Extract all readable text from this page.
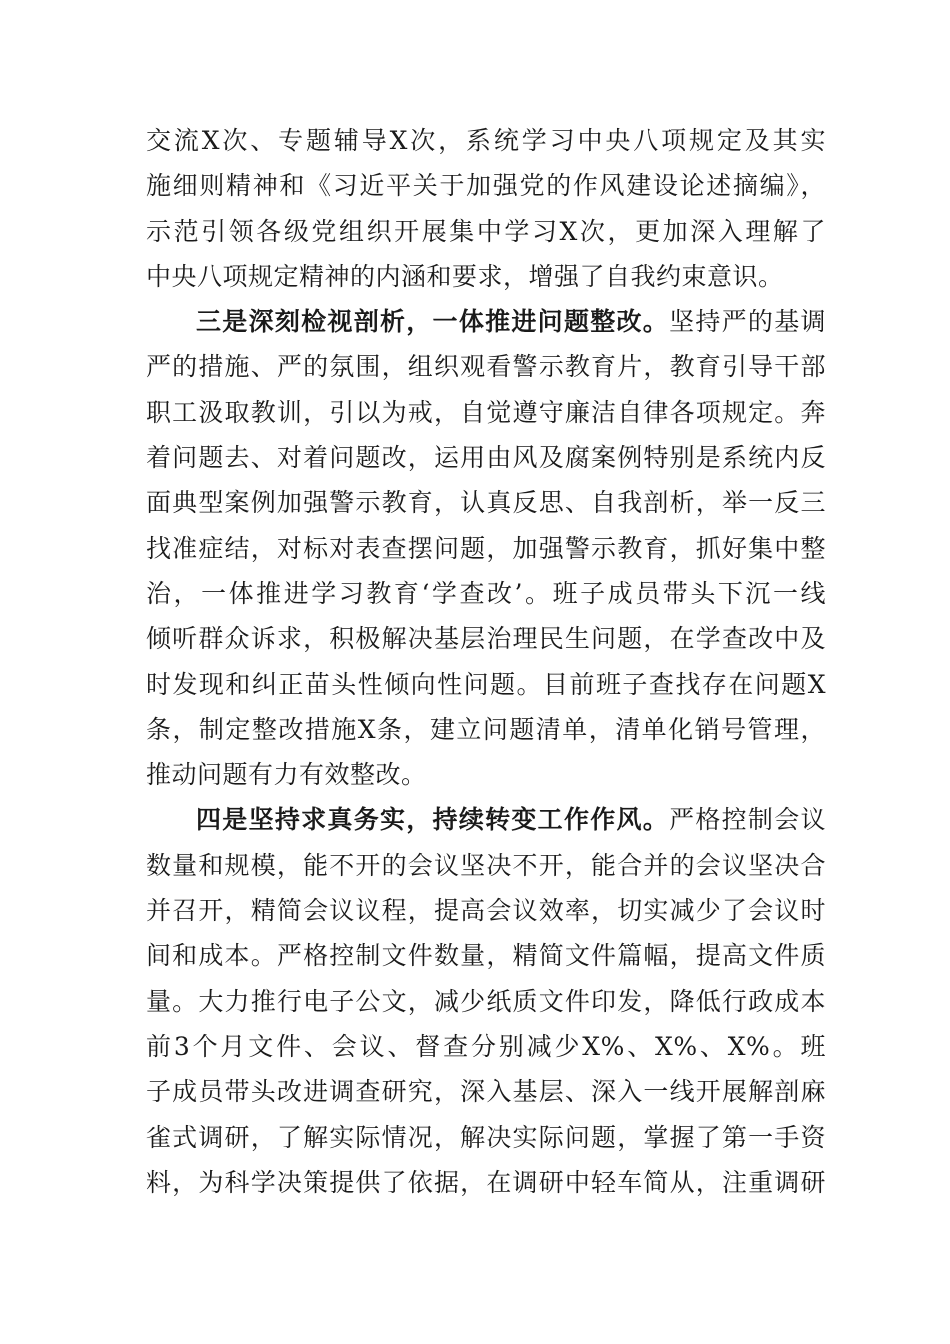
交流X次、专题辅导X次，系统学习中央八项规定及其实
施细则精神和《习近平关于加强党的作风建设论述摘编》，
示范引领各级党组织开展集中学习X次，更加深入理解了
中央八项规定精神的内涵和要求，增强了自我约束意识。
三是深刻检视剖析，一体推进问题整改。坚持严的基调
严的措施、严的氛围，组织观看警示教育片，教育引导干部
职工汲取教训，引以为戒，自觉遵守廉洁自律各项规定。奔
着问题去、对着问题改，运用由风及腐案例特别是系统内反
面典型案例加强警示教育，认真反思、自我剖析，举一反三
找准症结，对标对表查摆问题，加强警示教育，抓好集中整
治，一体推进学习教育‘学查改’。班子成员带头下沉一线
倾听群众诉求，积极解决基层治理民生问题，在学查改中及
时发现和纠正苗头性倾向性问题。目前班子查找存在问题X
条，制定整改措施X条，建立问题清单，清单化销号管理，
推动问题有力有效整改。
四是坚持求真务实，持续转变工作作风。严格控制会议
数量和规模，能不开的会议坚决不开，能合并的会议坚决合
并召开，精简会议议程，提高会议效率，切实减少了会议时
间和成本。严格控制文件数量，精简文件篇幅，提高文件质
量。大力推行电子公文，减少纸质文件印发，降低行政成本
前3个月文件、会议、督查分别减少X%、X%、X%。班
子成员带头改进调查研究，深入基层、深入一线开展解剖麻
雀式调研，了解实际情况，解决实际问题，掌握了第一手资
料，为科学决策提供了依据，在调研中轻车简从，注重调研
